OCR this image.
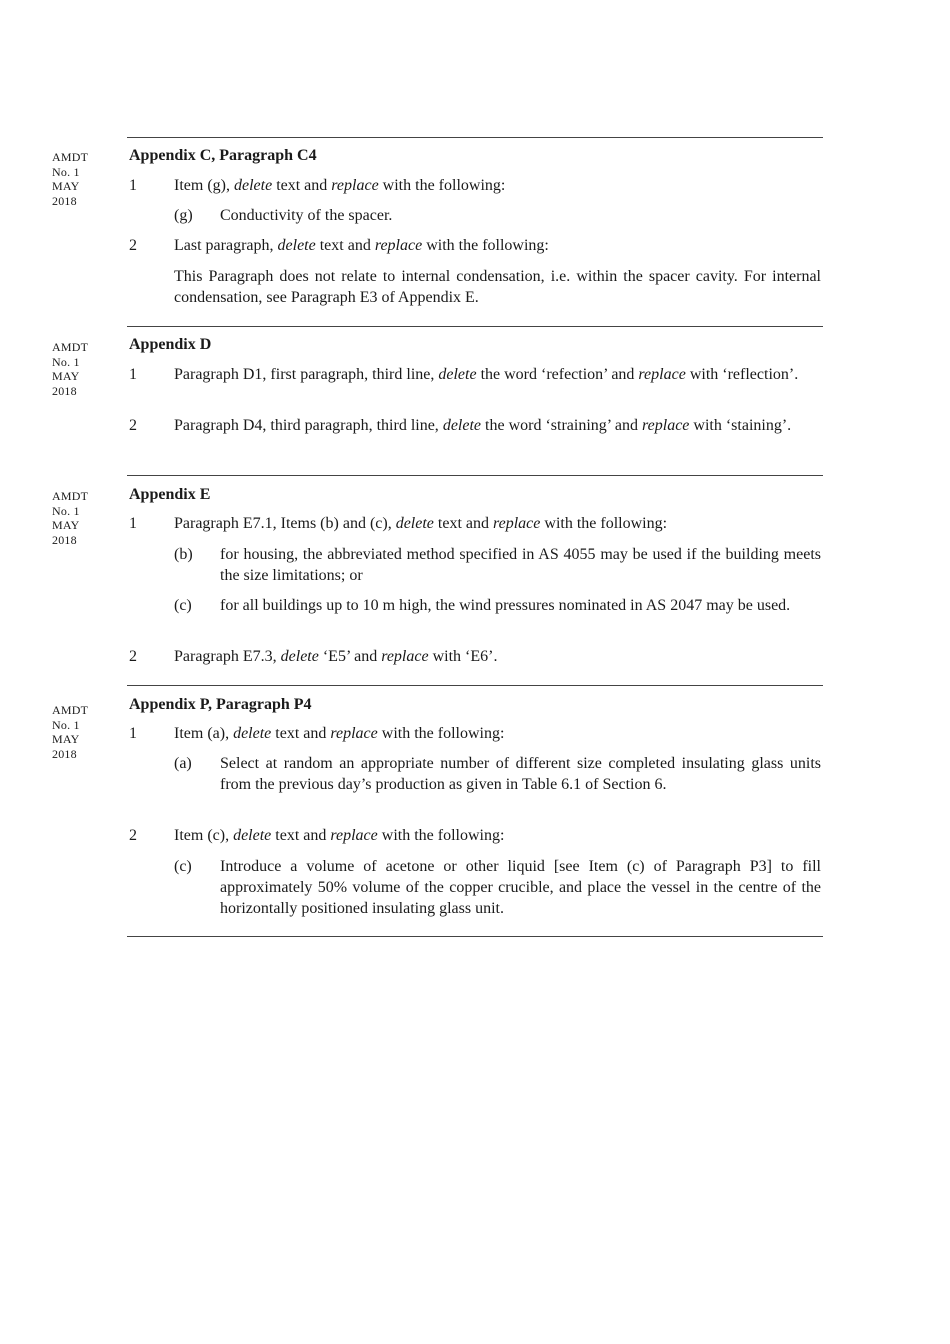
AMDT
No. 1
MAY
2018
Appendix C, Paragraph C4
1 Item (g), delete text and replace with the following:
(g) Conductivity of the spacer.
2 Last paragraph, delete text and replace with the following:
This Paragraph does not relate to internal condensation, i.e. within the spacer cavity. For internal condensation, see Paragraph E3 of Appendix E.
AMDT
No. 1
MAY
2018
Appendix D
1 Paragraph D1, first paragraph, third line, delete the word ‘refection’ and replace with ‘reflection’.
2 Paragraph D4, third paragraph, third line, delete the word ‘straining’ and replace with ‘staining’.
AMDT
No. 1
MAY
2018
Appendix E
1 Paragraph E7.1, Items (b) and (c), delete text and replace with the following:
(b) for housing, the abbreviated method specified in AS 4055 may be used if the building meets the size limitations; or
(c) for all buildings up to 10 m high, the wind pressures nominated in AS 2047 may be used.
2 Paragraph E7.3, delete ‘E5’ and replace with ‘E6’.
AMDT
No. 1
MAY
2018
Appendix P, Paragraph P4
1 Item (a), delete text and replace with the following:
(a) Select at random an appropriate number of different size completed insulating glass units from the previous day’s production as given in Table 6.1 of Section 6.
2 Item (c), delete text and replace with the following:
(c) Introduce a volume of acetone or other liquid [see Item (c) of Paragraph P3] to fill approximately 50% volume of the copper crucible, and place the vessel in the centre of the horizontally positioned insulating glass unit.
